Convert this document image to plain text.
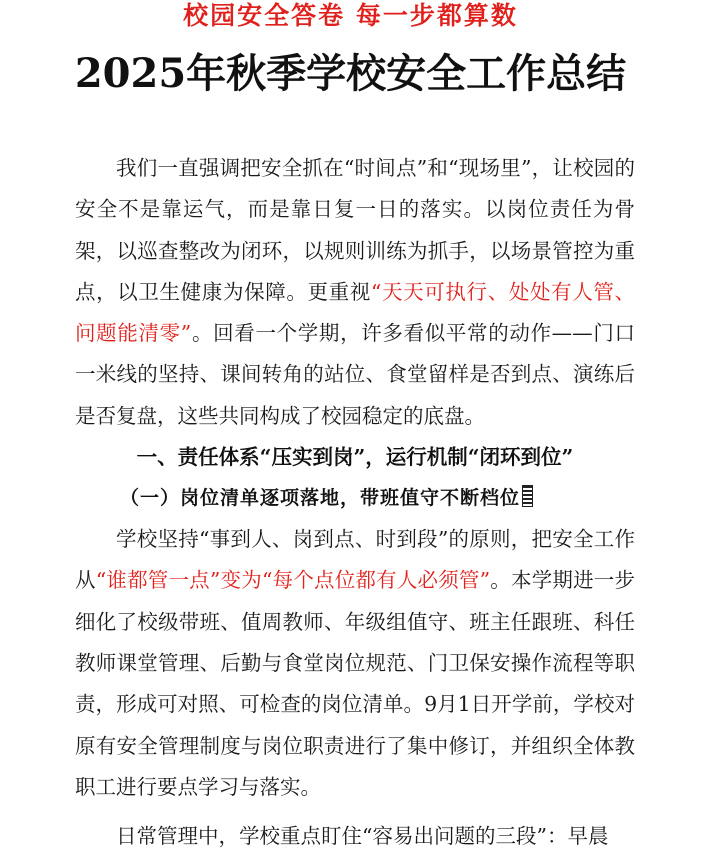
校园安全答卷 每一步都算数
2025年秋季学校安全工作总结

我们一直强调把安全抓在“时间点”和“现场里”，让校园的安全不是靠运气，而是靠日复一日的落实。以岗位责任为骨架，以巡查整改为闭环，以规则训练为抓手，以场景管控为重点，以卫生健康为保障。更重视“天天可执行、处处有人管、问题能清零”。回看一个学期，许多看似平常的动作——门口一米线的坚持、课间转角的站位、食堂留样是否到点、演练后是否复盘，这些共同构成了校园稳定的底盘。

一、责任体系“压实到岗”，运行机制“闭环到位”

（一）岗位清单逐项落地，带班值守不断档位

学校坚持“事到人、岗到点、时到段”的原则，把安全工作从“谁都管一点”变为“每个点位都有人必须管”。本学期进一步细化了校级带班、值周教师、年级组值守、班主任跟班、科任教师课堂管理、后勤与食堂岗位规范、门卫保安操作流程等职责，形成可对照、可检查的岗位清单。9月1日开学前，学校对原有安全管理制度与岗位职责进行了集中修订，并组织全体教职工进行要点学习与落实。

日常管理中，学校重点盯住“容易出问题的三段”：早晨
